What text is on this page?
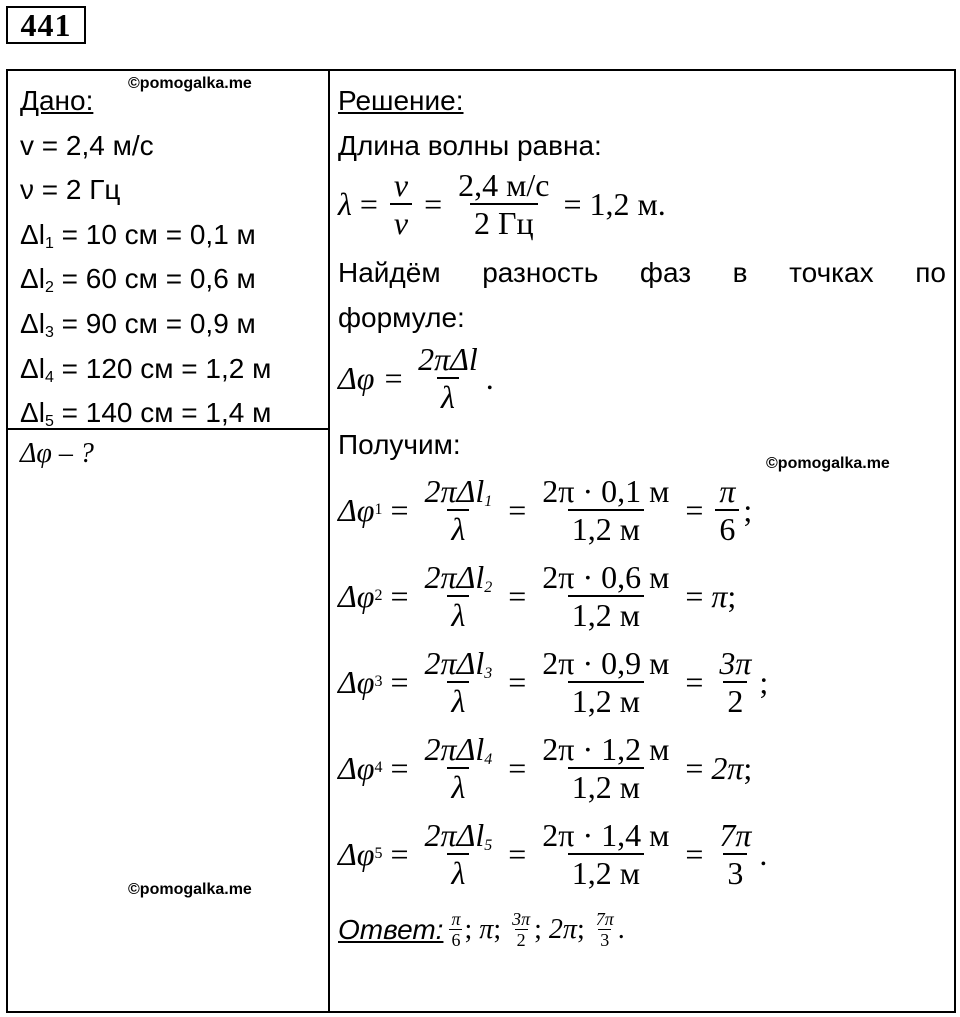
441
©pomogalka.me
©pomogalka.me
©pomogalka.me
Дано:
v = 2,4 м/с
ν = 2 Гц
$\Delta l_1 = 10$ см = 0,1 м
$\Delta l_2 = 60$ см = 0,6 м
$\Delta l_3 = 90$ см = 0,9 м
$\Delta l_4 = 120$ см = 1,2 м
$\Delta l_5 = 140$ см = 1,4 м
Δφ – ?
Решение:
Длина волны равна:
$\lambda = \frac{v}{\nu} = \frac{2,4 м/с}{2 Гц} = 1,2$ м.
Найдём разность фаз в точках по
формуле:
$\Delta\varphi = \frac{\text{2πΔl}}{\lambda}$ .
Получим:
Δφ $1 = \frac{2\pi\Delta l_1}{\lambda} = \frac{2\pi \cdot 0,1 м}{1,2 м} = \frac{\pi}{6}$ ;
Δφ $2 = \frac{2\pi\Delta l_2}{\lambda} = \frac{2\pi \cdot 0,6 м}{1,2 м} = \pi$ ;
Δφ $3 = \frac{2\pi\Delta l_3}{\lambda} = \frac{2\pi \cdot 0,9 м}{1,2 м} = \frac{3\pi}{2}$ ;
Δφ $4 = \frac{2\pi\Delta l_4}{\lambda} = \frac{2\pi \cdot 1,2 м}{1,2 м} = 2\pi$ ;
Δφ $5 = \frac{2\pi\Delta l_5}{\lambda} = \frac{2\pi \cdot 1,4 м}{1,2 м} = \frac{7\pi}{3}$ .
Ответ: $\frac{\pi}{6}$ ;
π ;
$\frac{3\pi}{2}$ ;
2π ;
$\frac{7\pi}{3}$ .
